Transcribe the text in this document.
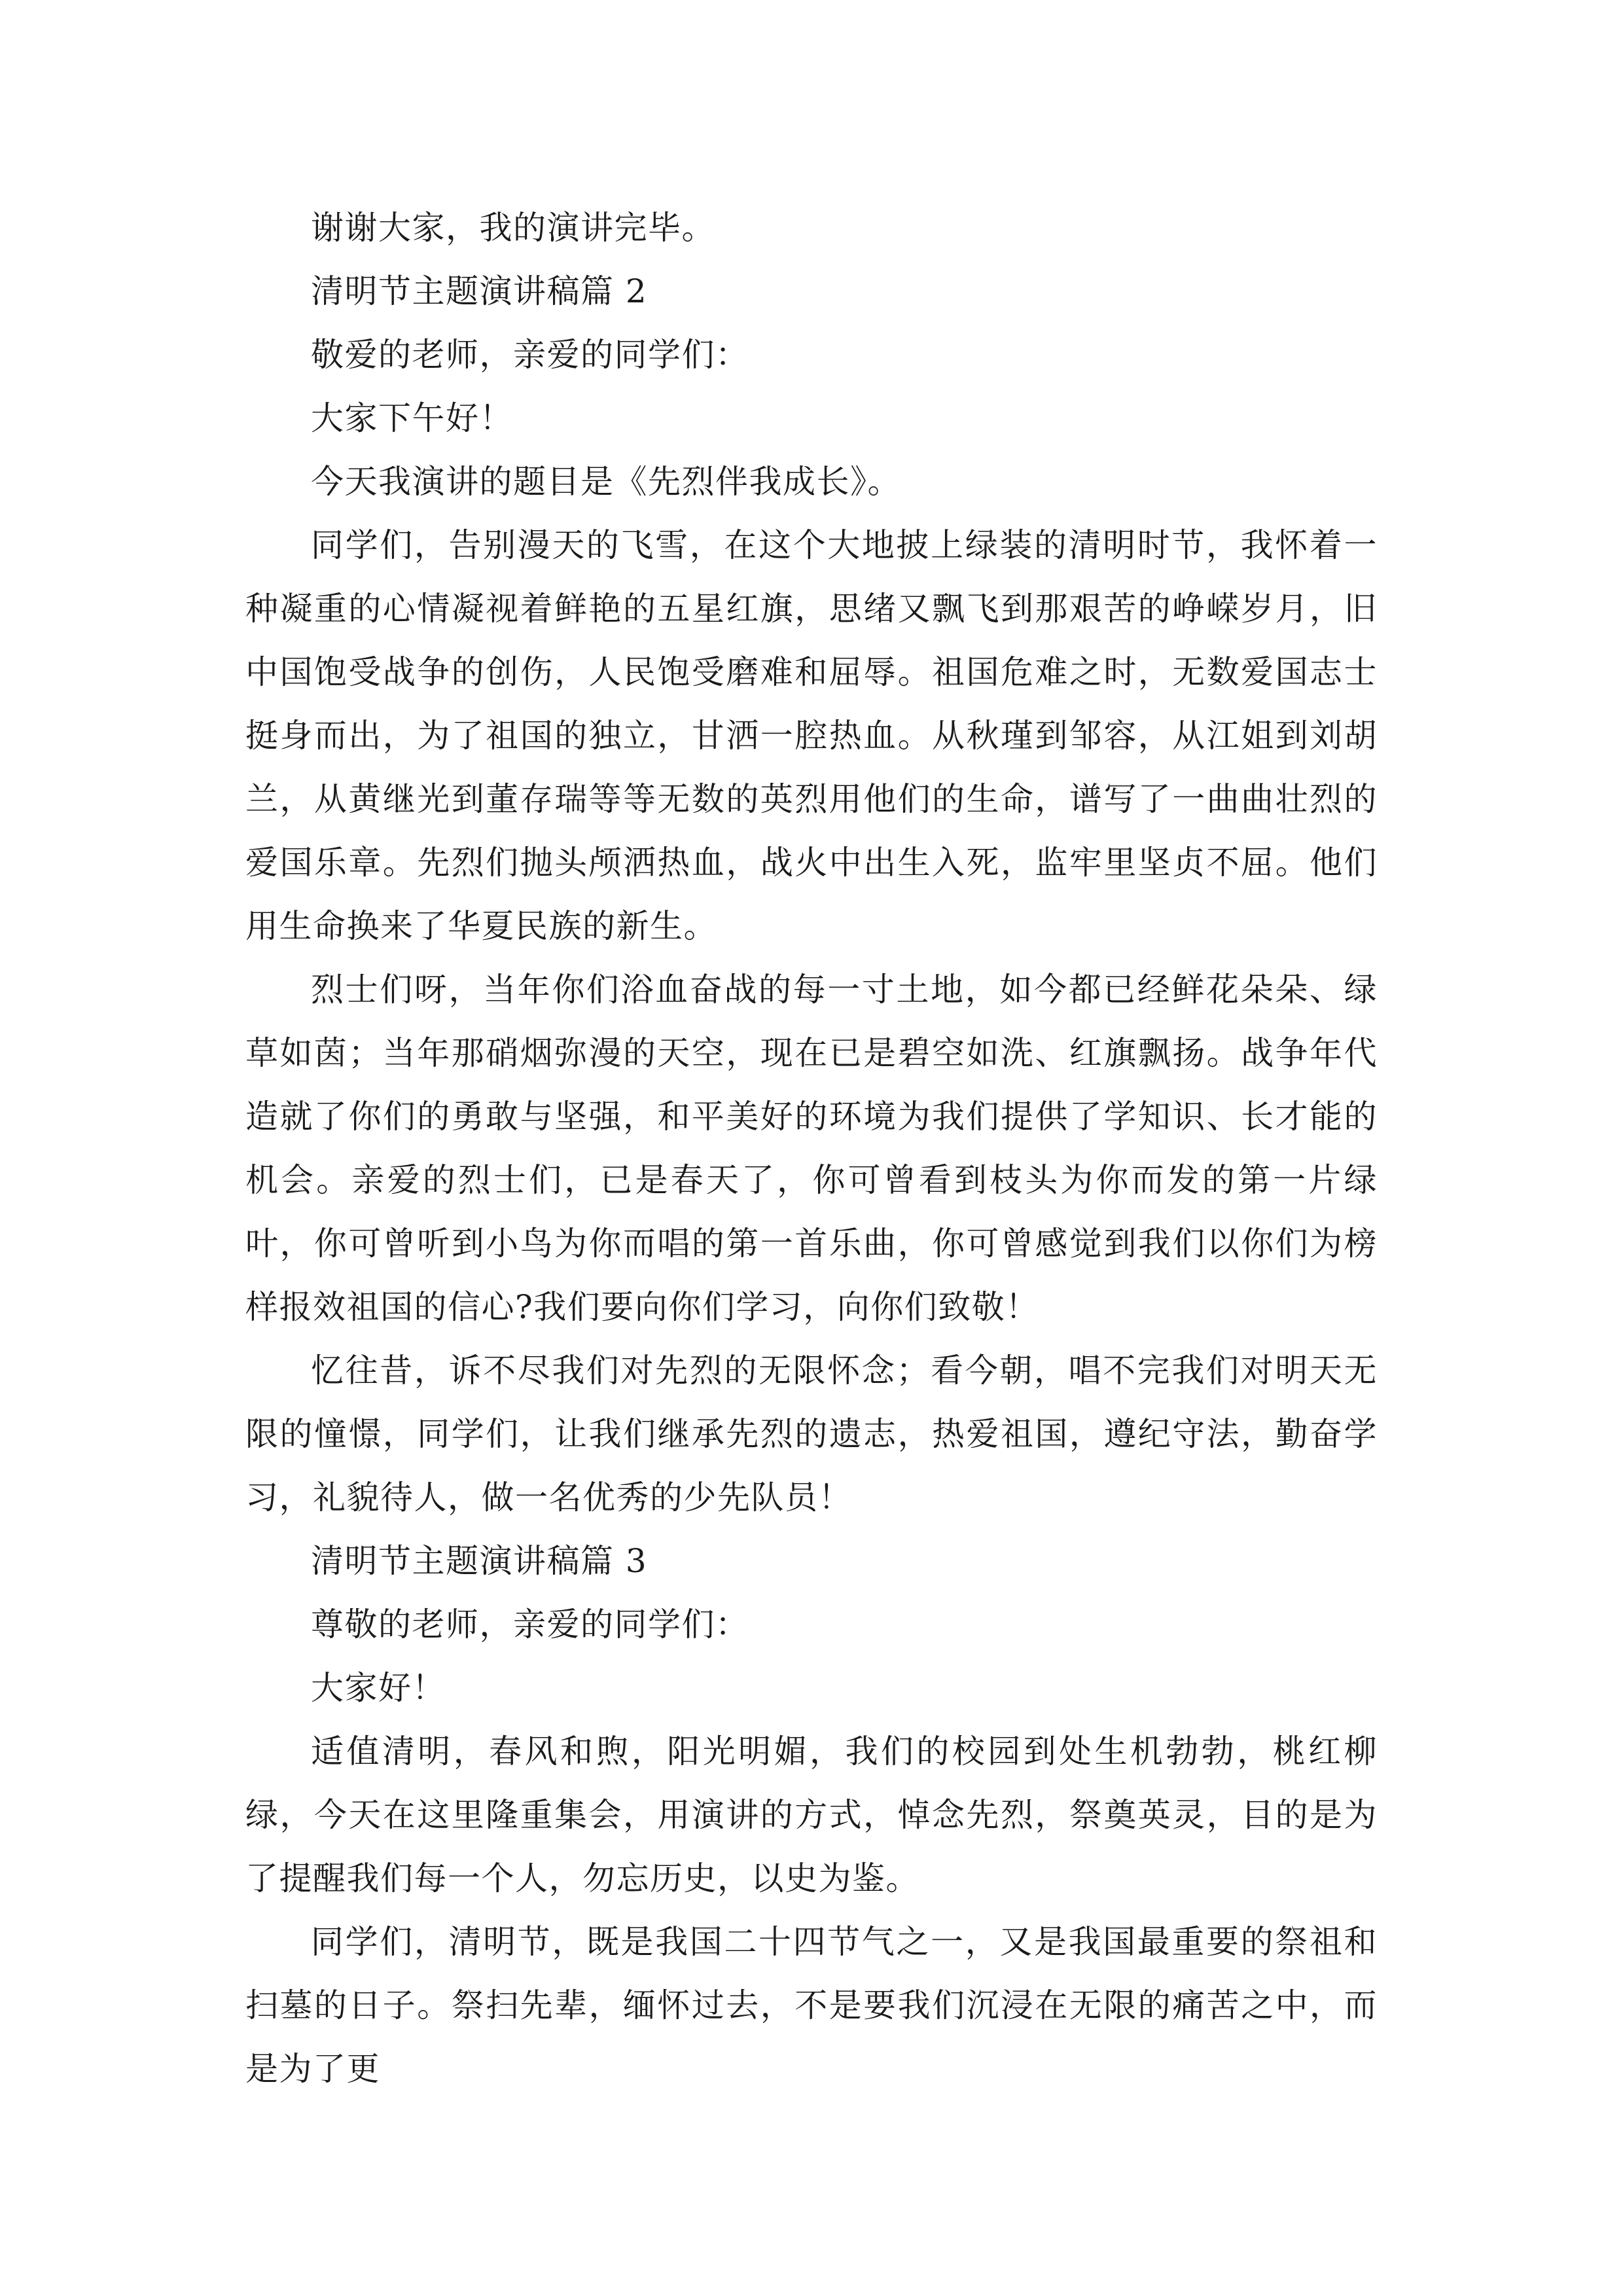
谢谢大家，我的演讲完毕。

清明节主题演讲稿篇 2

敬爱的老师，亲爱的同学们：

大家下午好！

今天我演讲的题目是《先烈伴我成长》。

同学们，告别漫天的飞雪，在这个大地披上绿装的清明时节，我怀着一种凝重的心情凝视着鲜艳的五星红旗，思绪又飘飞到那艰苦的峥嵘岁月，旧中国饱受战争的创伤，人民饱受磨难和屈辱。祖国危难之时，无数爱国志士挺身而出，为了祖国的独立，甘洒一腔热血。从秋瑾到邹容，从江姐到刘胡兰，从黄继光到董存瑞等等无数的英烈用他们的生命，谱写了一曲曲壮烈的爱国乐章。先烈们抛头颅洒热血，战火中出生入死，监牢里坚贞不屈。他们用生命换来了华夏民族的新生。

烈士们呀，当年你们浴血奋战的每一寸土地，如今都已经鲜花朵朵、绿草如茵；当年那硝烟弥漫的天空，现在已是碧空如洗、红旗飘扬。战争年代造就了你们的勇敢与坚强，和平美好的环境为我们提供了学知识、长才能的机会。亲爱的烈士们，已是春天了，你可曾看到枝头为你而发的第一片绿叶，你可曾听到小鸟为你而唱的第一首乐曲，你可曾感觉到我们以你们为榜样报效祖国的信心?我们要向你们学习，向你们致敬！

忆往昔，诉不尽我们对先烈的无限怀念；看今朝，唱不完我们对明天无限的憧憬，同学们，让我们继承先烈的遗志，热爱祖国，遵纪守法，勤奋学习，礼貌待人，做一名优秀的少先队员！

清明节主题演讲稿篇 3

尊敬的老师，亲爱的同学们：

大家好！

适值清明，春风和煦，阳光明媚，我们的校园到处生机勃勃，桃红柳绿，今天在这里隆重集会，用演讲的方式，悼念先烈，祭奠英灵，目的是为了提醒我们每一个人，勿忘历史，以史为鉴。

同学们，清明节，既是我国二十四节气之一，又是我国最重要的祭祖和扫墓的日子。祭扫先辈，缅怀过去，不是要我们沉浸在无限的痛苦之中，而是为了更
